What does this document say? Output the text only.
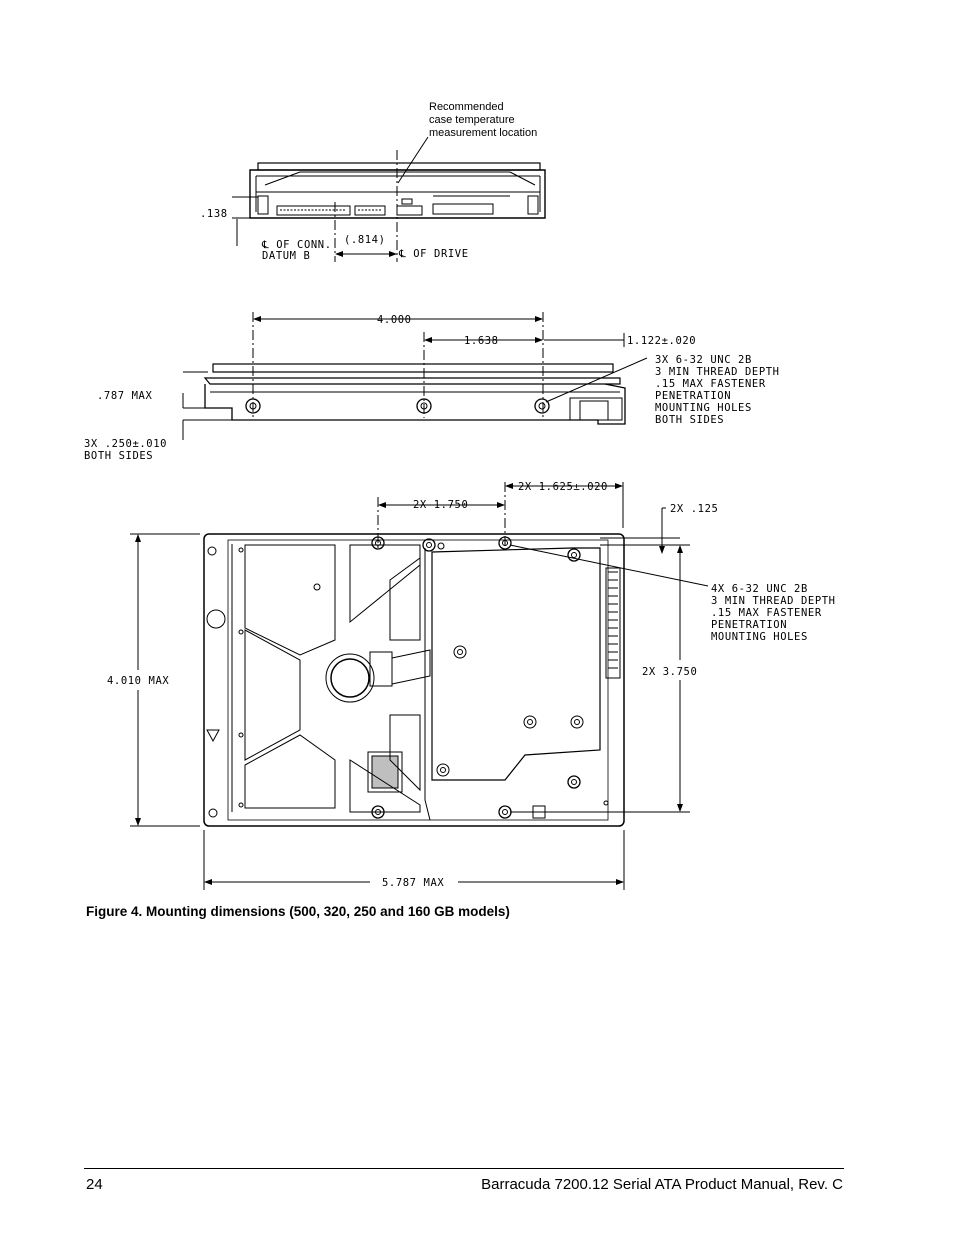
Recommended
case temperature
measurement location
.138
℄ OF CONN.
DATUM B
(.814)
℄ OF DRIVE
4.000
1.638	1.122±.020
.787 MAX
3X .250±.010
BOTH SIDES
3X 6-32 UNC 2B
3 MIN THREAD DEPTH
.15 MAX FASTENER
PENETRATION
MOUNTING HOLES
BOTH SIDES
2X 1.750
2X 1.625±.020
2X .125
4X 6-32 UNC 2B
3 MIN THREAD DEPTH
.15 MAX FASTENER
PENETRATION
MOUNTING HOLES
2X 3.750
4.010 MAX
5.787 MAX
Figure 4. Mounting dimensions (500, 320, 250 and 160 GB models)
24	Barracuda 7200.12 Serial ATA Product Manual, Rev. C
